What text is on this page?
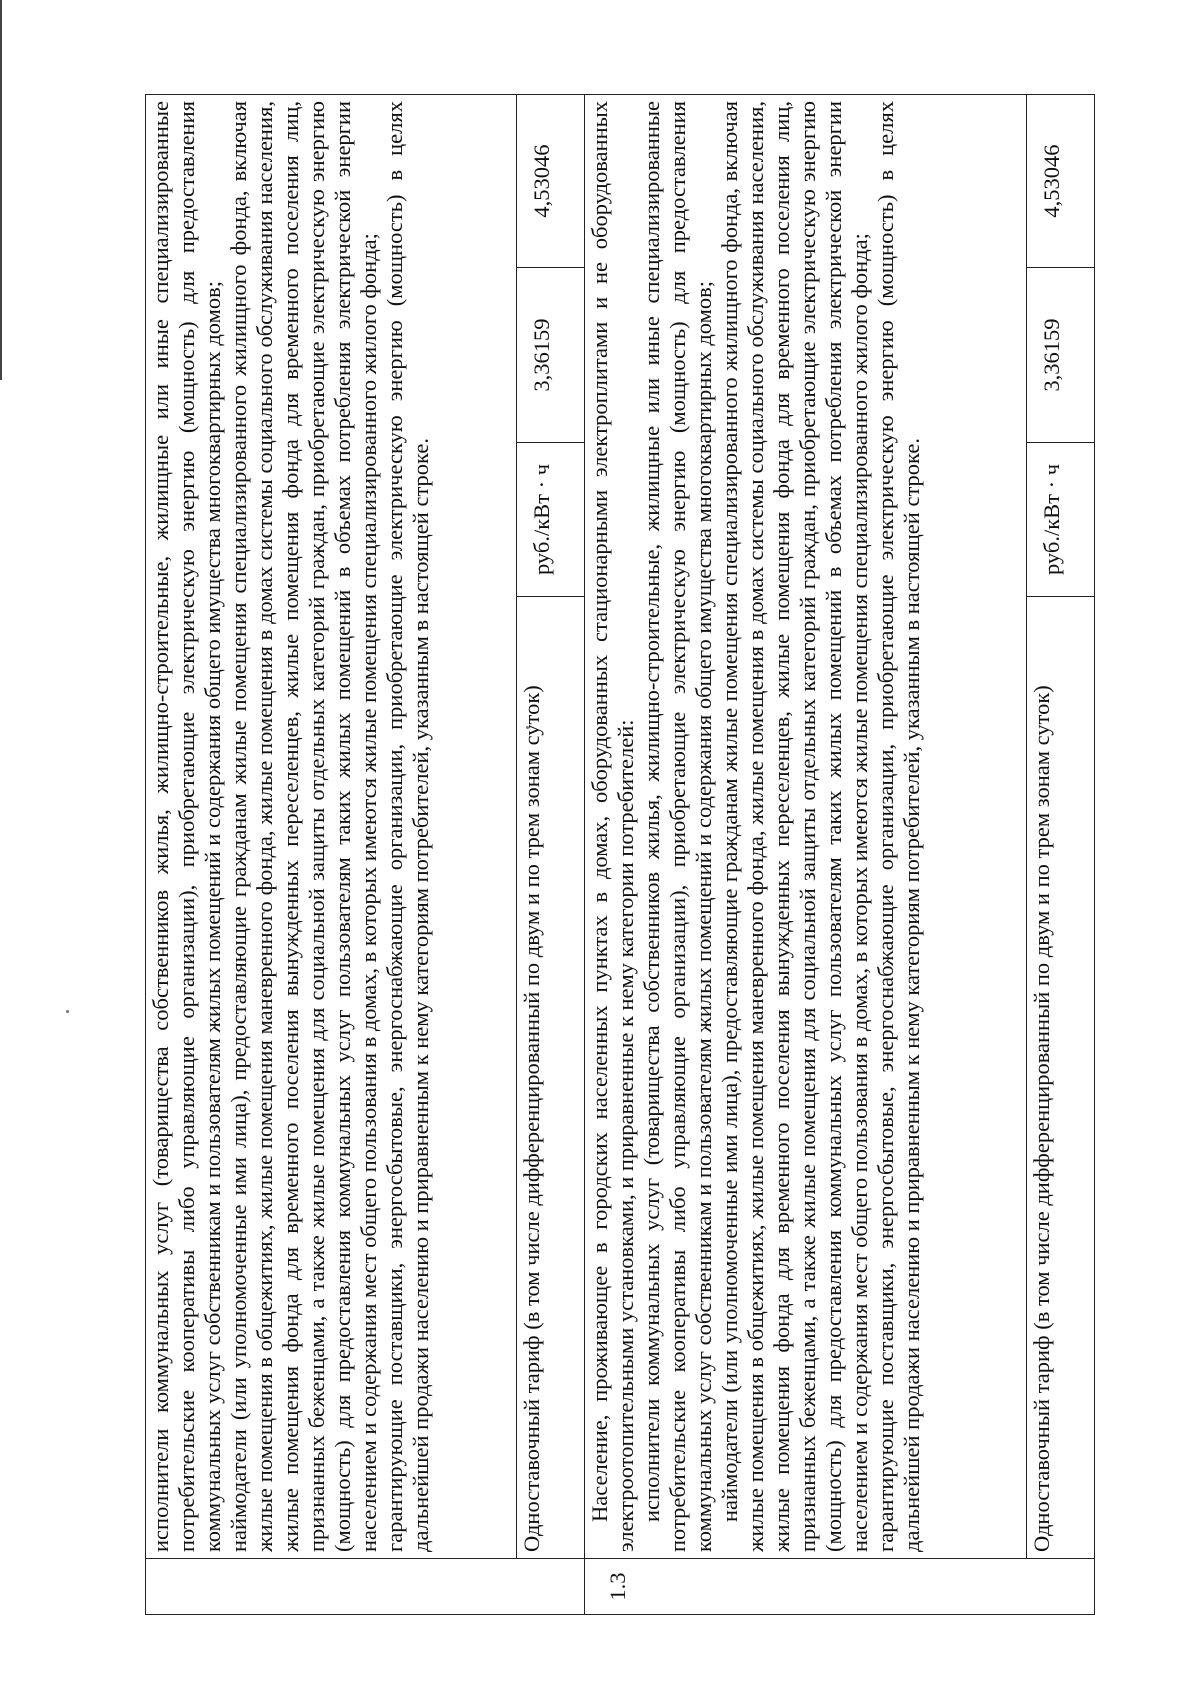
	исполнители коммунальных услуг (товарищества собственников жилья, жилищно-строительные, жилищные или иные специализированные потребительские кооперативы либо управляющие организации), приобретающие электрическую энергию (мощность) для предоставления коммунальных услуг собственникам и пользователям жилых помещений и содержания общего имущества многоквартирных домов; наймодатели (или уполномоченные ими лица), предоставляющие гражданам жилые помещения специализированного жилищного фонда, включая жилые помещения в общежитиях, жилые помещения маневренного фонда, жилые помещения в домах системы социального обслуживания населения, жилые помещения фонда для временного поселения вынужденных переселенцев, жилые помещения фонда для временного поселения лиц, признанных беженцами, а также жилые помещения для социальной защиты отдельных категорий граждан, приобретающие электрическую энергию (мощность) для предоставления коммунальных услуг пользователям таких жилых помещений в объемах потребления электрической энергии населением и содержания мест общего пользования в домах, в которых имеются жилые помещения специализированного жилого фонда; гарантирующие поставщики, энергосбытовые, энергоснабжающие организации, приобретающие электрическую энергию (мощность) в целях дальнейшей продажи населению и приравненным к нему категориям потребителей, указанным в настоящей строке.			

	Одноставочный тариф (в том числе дифференцированный по двум и по трем зонам суток)	руб./кВт · ч	3,36159	4,53046
1.3	Население, проживающее в городских населенных пунктах в домах, оборудованных стационарными электроплитами и не оборудованных электроотопительными установками, и приравненные к нему категории потребителей: исполнители коммунальных услуг (товарищества собственников жилья, жилищно-строительные, жилищные или иные специализированные потребительские кооперативы либо управляющие организации), приобретающие электрическую энергию (мощность) для предоставления коммунальных услуг собственникам и пользователям жилых помещений и содержания общего имущества многоквартирных домов; наймодатели (или уполномоченные ими лица), предоставляющие гражданам жилые помещения специализированного жилищного фонда, включая жилые помещения в общежитиях, жилые помещения маневренного фонда, жилые помещения в домах системы социального обслуживания населения, жилые помещения фонда для временного поселения вынужденных переселенцев, жилые помещения фонда для временного поселения лиц, признанных беженцами, а также жилые помещения для социальной защиты отдельных категорий граждан, приобретающие электрическую энергию (мощность) для предоставления коммунальных услуг пользователям таких жилых помещений в объемах потребления электрической энергии населением и содержания мест общего пользования в домах, в которых имеются жилые помещения специализированного жилого фонда; гарантирующие поставщики, энергосбытовые, энергоснабжающие организации, приобретающие электрическую энергию (мощность) в целях дальнейшей продажи населению и приравненным к нему категориям потребителей, указанным в настоящей строке.			

	Одноставочный тариф (в том числе дифференцированный по двум и по трем зонам суток)	руб./кВт · ч	3,36159	4,53046
